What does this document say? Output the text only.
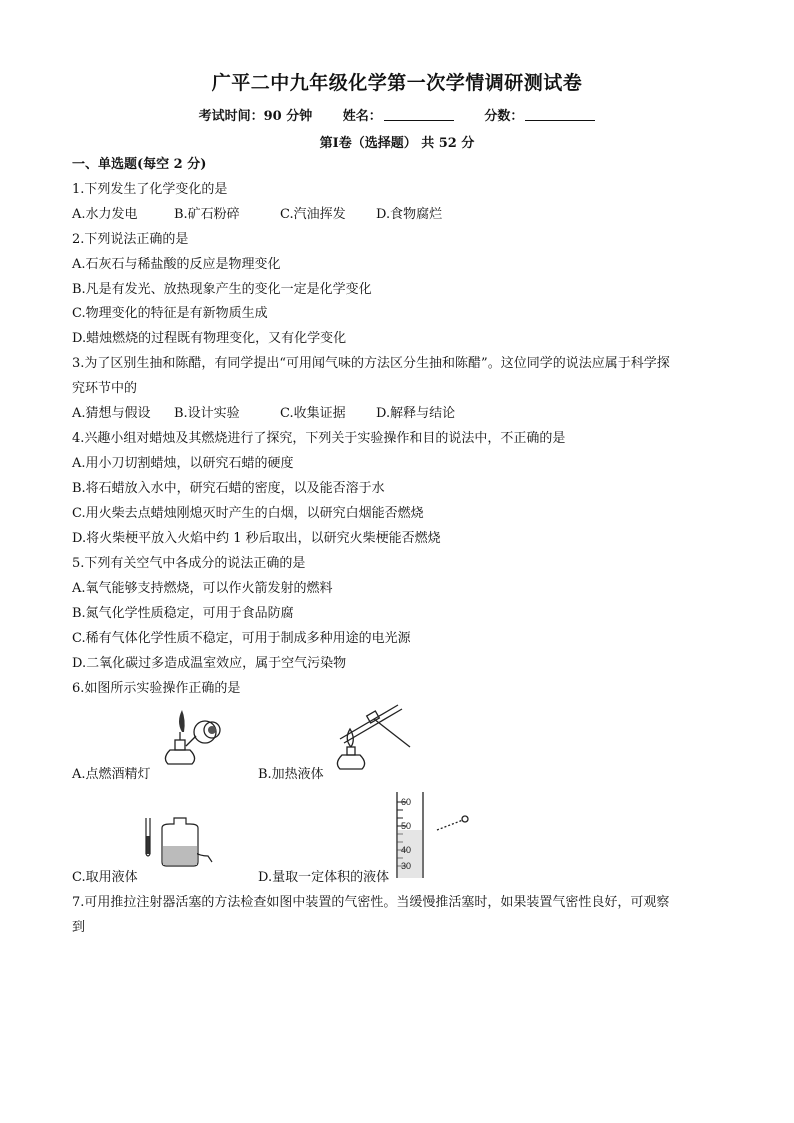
广平二中九年级化学第一次学情调研测试卷
考试时间：90 分钟 姓名：	分数：
第Ⅰ卷（选择题） 共 52 分
一、单选题(每空 2 分)
1.下列发生了化学变化的是
A.水力发电	B.矿石粉碎	C.汽油挥发 D.食物腐烂
2.下列说法正确的是
A.石灰石与稀盐酸的反应是物理变化
B.凡是有发光、放热现象产生的变化一定是化学变化
C.物理变化的特征是有新物质生成
D.蜡烛燃烧的过程既有物理变化，又有化学变化
3.为了区别生抽和陈醋，有同学提出“可用闻气味的方法区分生抽和陈醋”。这位同学的说法应属于科学探
究环节中的
A.猜想与假设 B.设计实验	C.收集证据 D.解释与结论
4.兴趣小组对蜡烛及其燃烧进行了探究，下列关于实验操作和目的说法中，不正确的是
A.用小刀切割蜡烛，以研究石蜡的硬度
B.将石蜡放入水中，研究石蜡的密度，以及能否溶于水
C.用火柴去点蜡烛刚熄灭时产生的白烟，以研究白烟能否燃烧
D.将火柴梗平放入火焰中约 1 秒后取出，以研究火柴梗能否燃烧
5.下列有关空气中各成分的说法正确的是
A.氧气能够支持燃烧，可以作火箭发射的燃料
B.氮气化学性质稳定，可用于食品防腐
C.稀有气体化学性质不稳定，可用于制成多种用途的电光源
D.二氧化碳过多造成温室效应，属于空气污染物
6.如图所示实验操作正确的是
A.点燃酒精灯	B.加热液体
60
50
40
30
C.取用液体	D.量取一定体积的液体
7.可用推拉注射器活塞的方法检查如图中装置的气密性。当缓慢推活塞时，如果装置气密性良好，可观察
到
